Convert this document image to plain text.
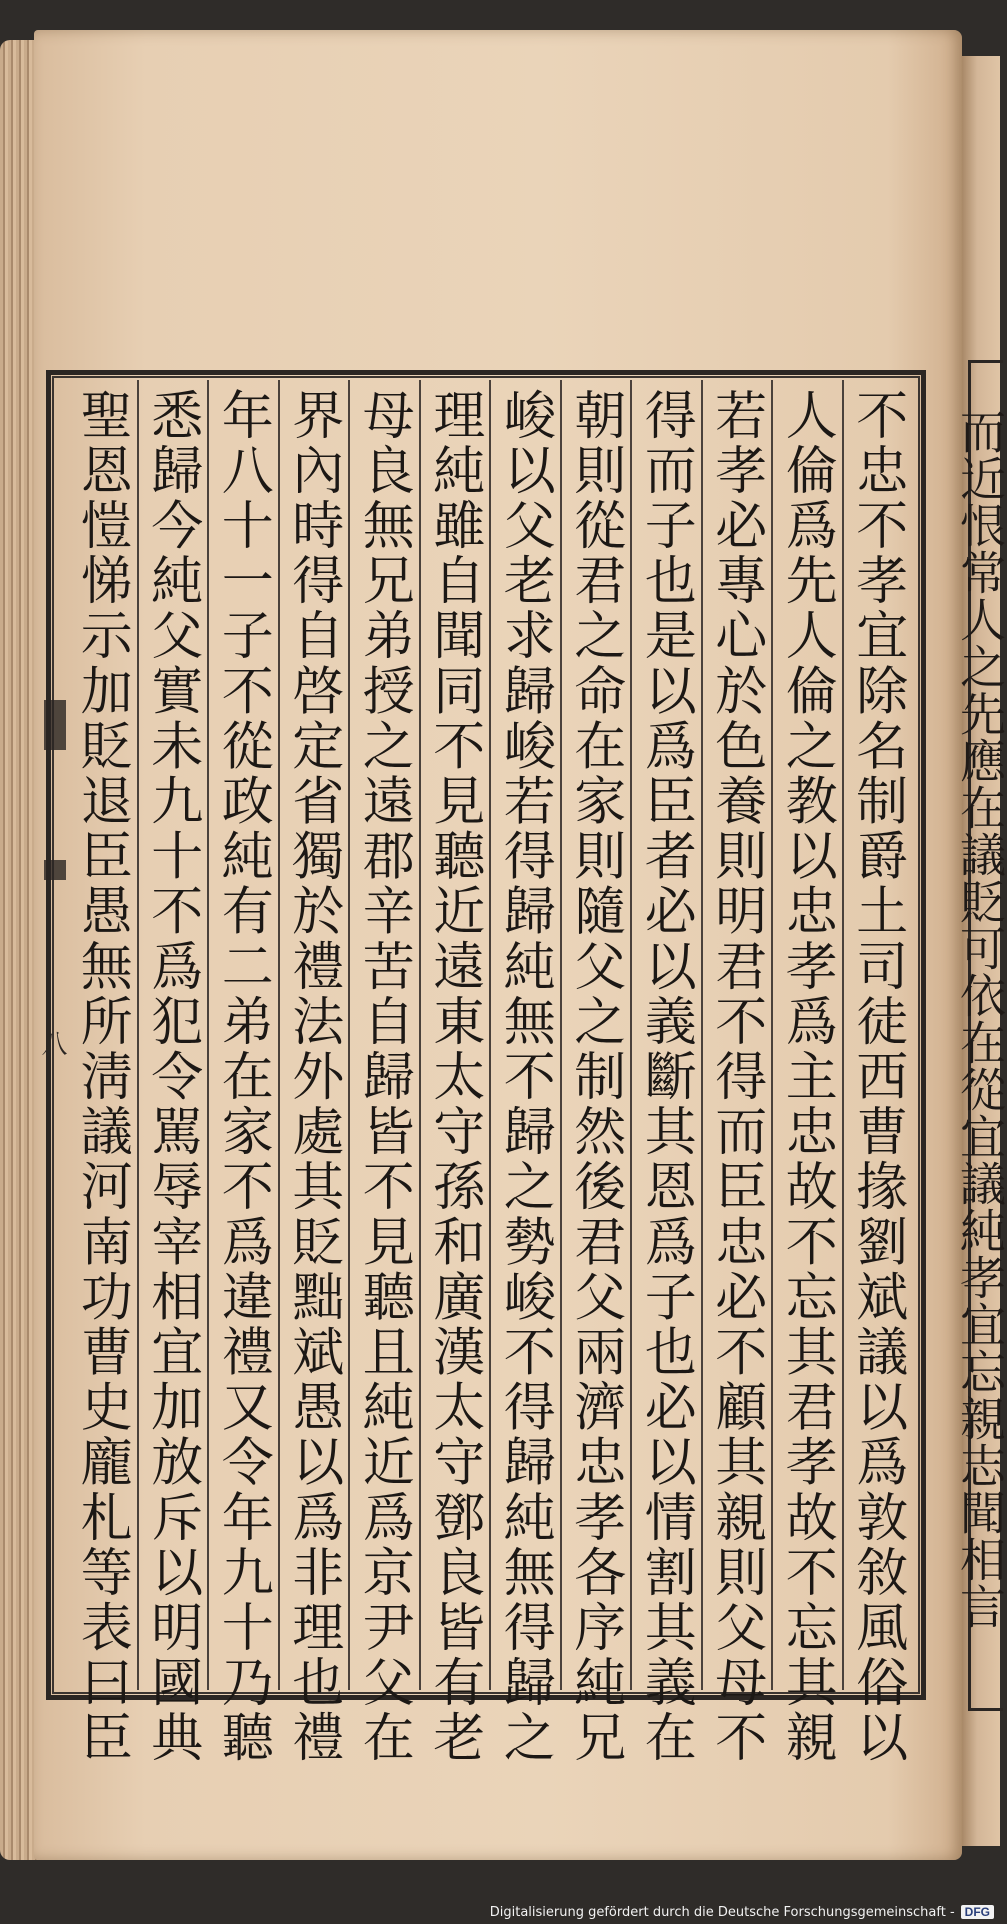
而近恨常人之先應在議貶可依在從宜議純孝宜忘親志聞相言
八	不忠不孝宜除名制爵土司徒西曹掾劉斌議以爲敦敘風俗以
人倫爲先人倫之教以忠孝爲主忠故不忘其君孝故不忘其親
若孝必專心於色養則明君不得而臣忠必不顧其親則父母不
得而子也是以爲臣者必以義斷其恩爲子也必以情割其義在
朝則從君之命在家則隨父之制然後君父兩濟忠孝各序純兄
峻以父老求歸峻若得歸純無不歸之勢峻不得歸純無得歸之
理純雖自聞同不見聽近遠東太守孫和廣漢太守鄧良皆有老
母良無兄弟授之遠郡辛苦自歸皆不見聽且純近爲京尹父在
界內時得自啓定省獨於禮法外處其貶黜斌愚以爲非理也禮
年八十一子不從政純有二弟在家不爲違禮又令年九十乃聽
悉歸今純父實未九十不爲犯令駡辱宰相宜加放斥以明國典
聖恩愷悌示加貶退臣愚無所淸議河南功曹史龐札等表曰臣
Digitalisierung gefördert durch die Deutsche Forschungsgemeinschaft - DFG
